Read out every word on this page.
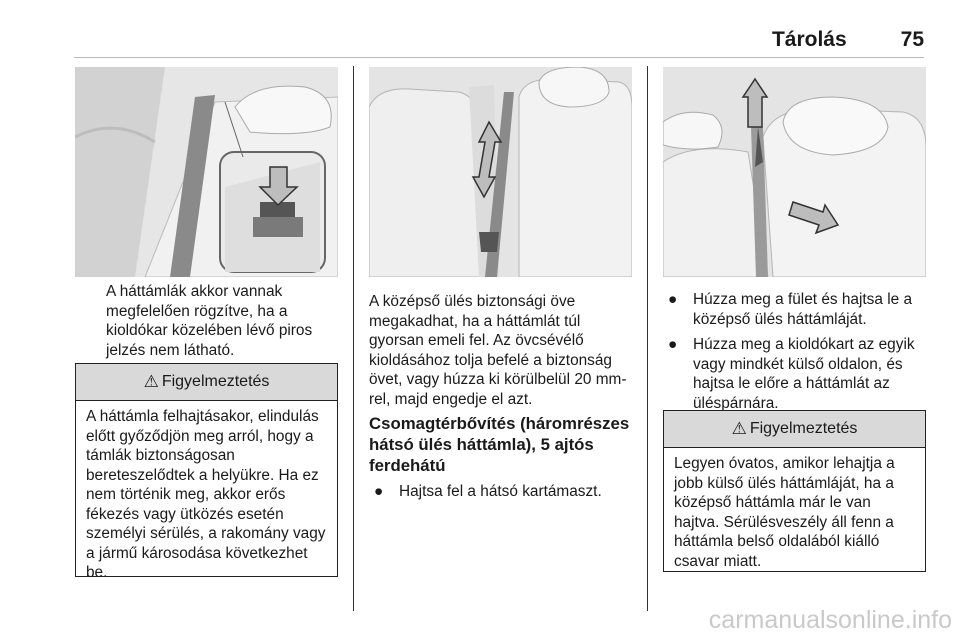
Tárolás	75
A háttámlák akkor vannak megfelelően rögzítve, ha a kioldókar közelében lévő piros jelzés nem látható.
⚠ Figyelmeztetés
A háttámla felhajtásakor, elindulás előtt győződjön meg arról, hogy a támlák biztonságosan bereteszelődtek a helyükre. Ha ez nem történik meg, akkor erős fékezés vagy ütközés esetén személyi sérülés, a rakomány vagy a jármű károsodása következhet be.
A középső ülés biztonsági öve megakadhat, ha a háttámlát túl gyorsan emeli fel. Az övcsévélő kioldásához tolja befelé a biztonság övet, vagy húzza ki körülbelül 20 mm-rel, majd engedje el azt.
Csomagtérbővítés (háromrészes hátsó ülés háttámla), 5 ajtós ferdehátú
● Hajtsa fel a hátsó kartámaszt.
● Húzza meg a fület és hajtsa le a középső ülés háttámláját.
● Húzza meg a kioldókart az egyik vagy mindkét külső oldalon, és hajtsa le előre a háttámlát az üléspárnára.
⚠ Figyelmeztetés
Legyen óvatos, amikor lehajtja a jobb külső ülés háttámláját, ha a középső háttámla már le van hajtva. Sérülésveszély áll fenn a háttámla belső oldalából kiálló csavar miatt.
carmanualsonline.info
